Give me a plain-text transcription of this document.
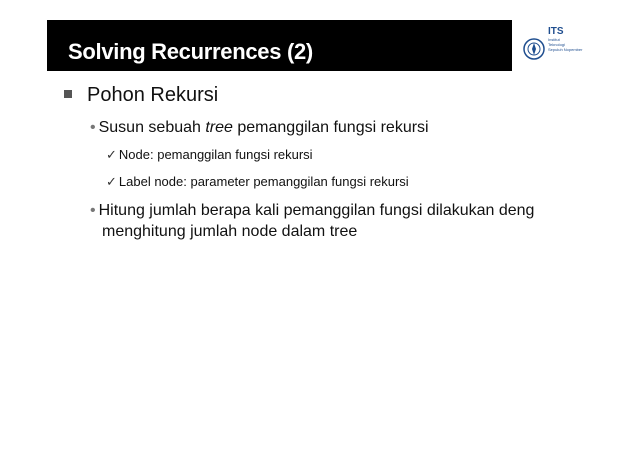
Solving Recurrences (2)
ITS
Institut
Teknologi
Sepuluh Nopember
Pohon Rekursi
• Susun sebuah tree pemanggilan fungsi rekursi
✓ Node: pemanggilan fungsi rekursi
✓ Label node: parameter pemanggilan fungsi rekursi
• Hitung jumlah berapa kali pemanggilan fungsi dilakukan deng
menghitung jumlah node dalam tree
